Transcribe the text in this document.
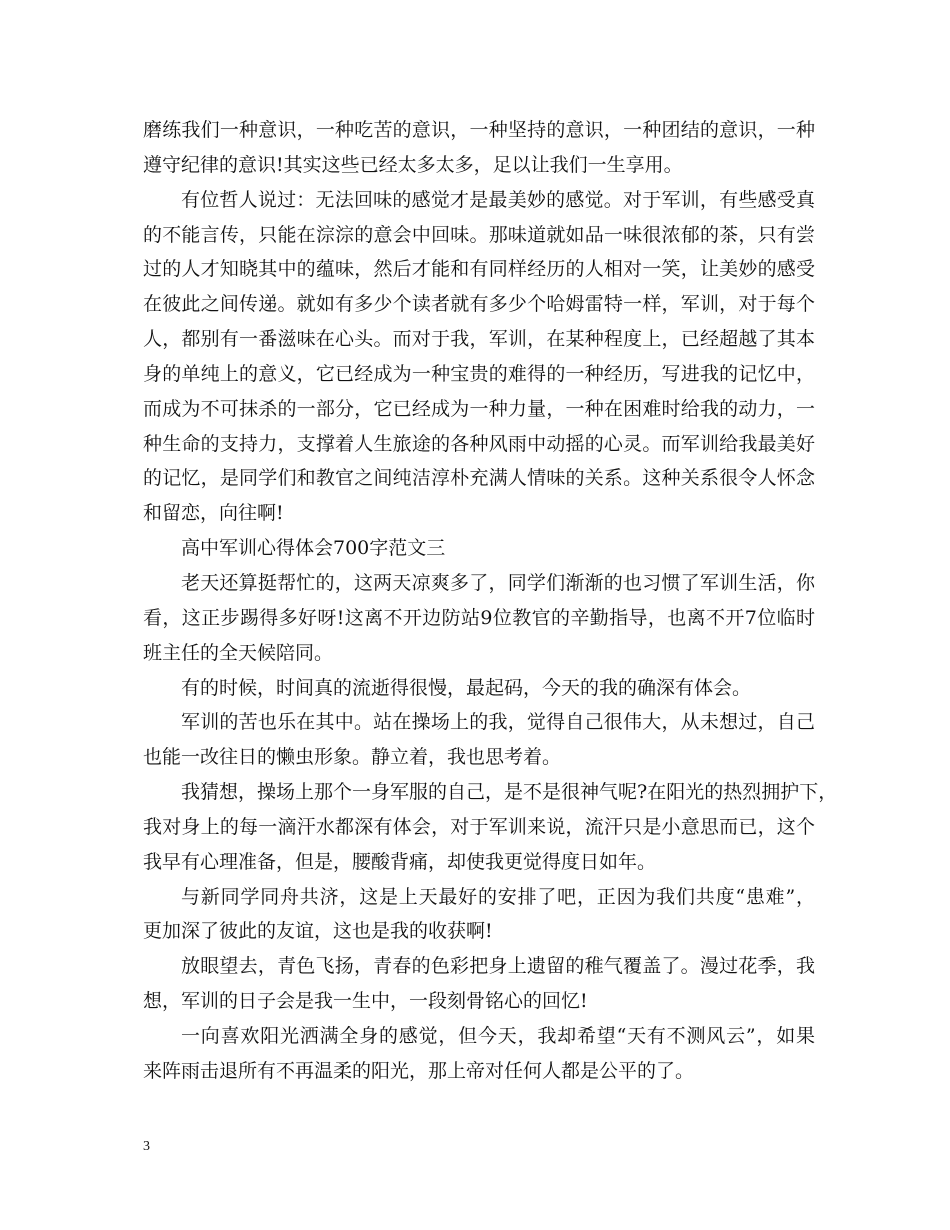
磨练我们一种意识，一种吃苦的意识，一种坚持的意识，一种团结的意识，一种
遵守纪律的意识!其实这些已经太多太多，足以让我们一生享用。
有位哲人说过：无法回味的感觉才是最美妙的感觉。对于军训，有些感受真
的不能言传，只能在淙淙的意会中回味。那味道就如品一味很浓郁的茶，只有尝
过的人才知晓其中的蕴味，然后才能和有同样经历的人相对一笑，让美妙的感受
在彼此之间传递。就如有多少个读者就有多少个哈姆雷特一样，军训，对于每个
人，都别有一番滋味在心头。而对于我，军训，在某种程度上，已经超越了其本
身的单纯上的意义，它已经成为一种宝贵的难得的一种经历，写进我的记忆中，
而成为不可抹杀的一部分，它已经成为一种力量，一种在困难时给我的动力，一
种生命的支持力，支撑着人生旅途的各种风雨中动摇的心灵。而军训给我最美好
的记忆，是同学们和教官之间纯洁淳朴充满人情味的关系。这种关系很令人怀念
和留恋，向往啊!
高中军训心得体会700字范文三
老天还算挺帮忙的，这两天凉爽多了，同学们渐渐的也习惯了军训生活，你
看，这正步踢得多好呀!这离不开边防站9位教官的辛勤指导，也离不开7位临时
班主任的全天候陪同。
有的时候，时间真的流逝得很慢，最起码，今天的我的确深有体会。
军训的苦也乐在其中。站在操场上的我，觉得自己很伟大，从未想过，自己
也能一改往日的懒虫形象。静立着，我也思考着。
我猜想，操场上那个一身军服的自己，是不是很神气呢?在阳光的热烈拥护下，
我对身上的每一滴汗水都深有体会，对于军训来说，流汗只是小意思而已，这个
我早有心理准备，但是，腰酸背痛，却使我更觉得度日如年。
与新同学同舟共济，这是上天最好的安排了吧，正因为我们共度“患难”，
更加深了彼此的友谊，这也是我的收获啊!
放眼望去，青色飞扬，青春的色彩把身上遗留的稚气覆盖了。漫过花季，我
想，军训的日子会是我一生中，一段刻骨铭心的回忆!
一向喜欢阳光洒满全身的感觉，但今天，我却希望“天有不测风云”，如果
来阵雨击退所有不再温柔的阳光，那上帝对任何人都是公平的了。
3
